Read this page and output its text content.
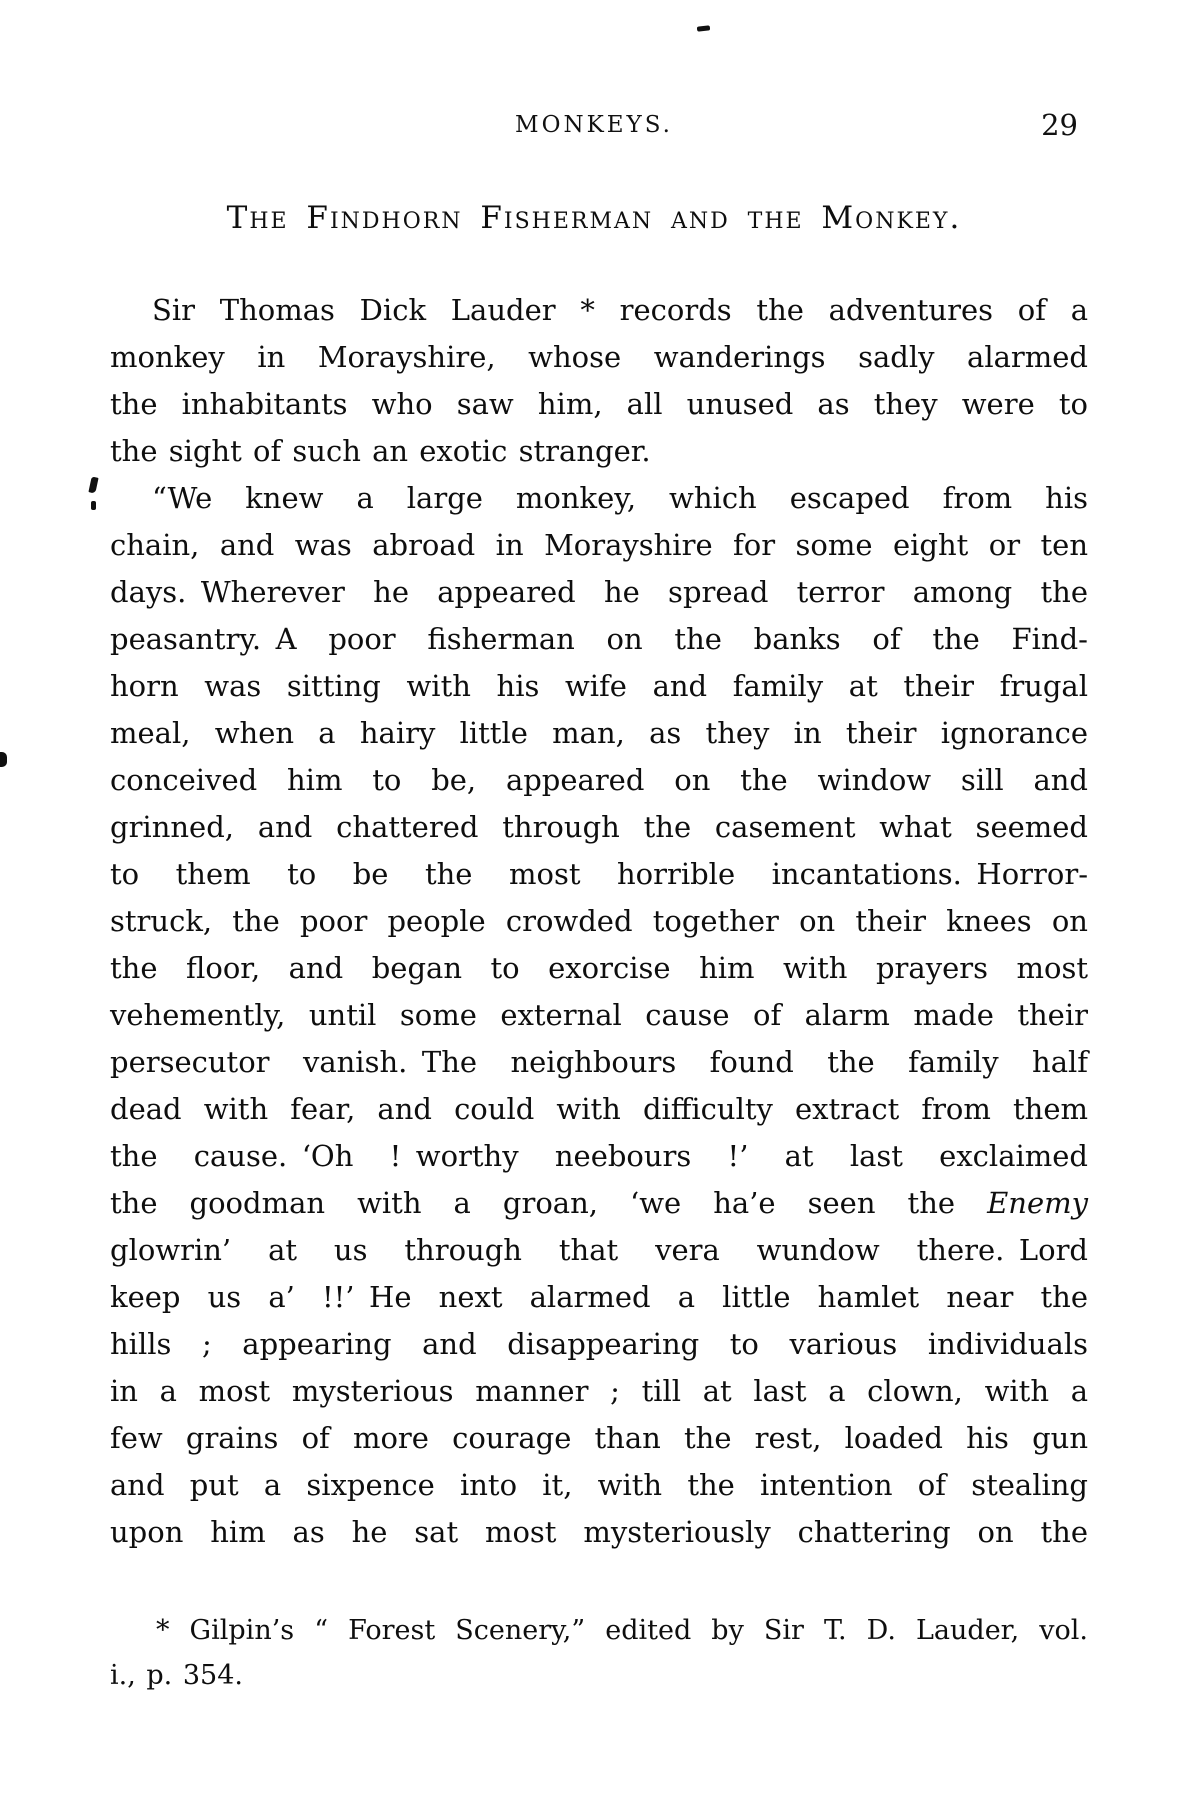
MONKEYS.	29
The Findhorn Fisherman and the Monkey.
Sir Thomas Dick Lauder * records the adventures of a
monkey in Morayshire, whose wanderings sadly alarmed
the inhabitants who saw him, all unused as they were to
the sight of such an exotic stranger.
“We knew a large monkey, which escaped from his
chain, and was abroad in Morayshire for some eight or ten
days. Wherever he appeared he spread terror among the
peasantry. A poor fisherman on the banks of the Find-
horn was sitting with his wife and family at their frugal
meal, when a hairy little man, as they in their ignorance
conceived him to be, appeared on the window sill and
grinned, and chattered through the casement what seemed
to them to be the most horrible incantations. Horror-
struck, the poor people crowded together on their knees on
the floor, and began to exorcise him with prayers most
vehemently, until some external cause of alarm made their
persecutor vanish. The neighbours found the family half
dead with fear, and could with difficulty extract from them
the cause. ‘Oh ! worthy neebours !’ at last exclaimed
the goodman with a groan, ‘we ha’e seen the Enemy
glowrin’ at us through that vera wundow there. Lord
keep us a’ !!’ He next alarmed a little hamlet near the
hills ; appearing and disappearing to various individuals
in a most mysterious manner ; till at last a clown, with a
few grains of more courage than the rest, loaded his gun
and put a sixpence into it, with the intention of stealing
upon him as he sat most mysteriously chattering on the
* Gilpin’s “ Forest Scenery,” edited by Sir T. D. Lauder, vol.
i., p. 354.
